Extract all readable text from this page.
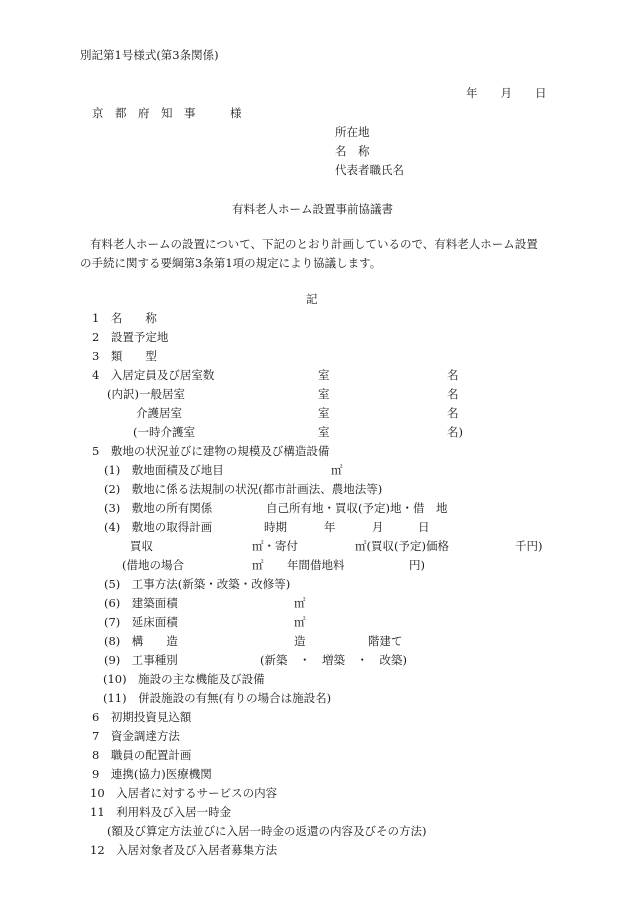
別記第1号様式(第3条関係)
年　　月　　日
京　都　府　知　事　　　様
所在地
名　称
代表者職氏名
有料老人ホーム設置事前協議書
有料老人ホームの設置について、下記のとおり計画しているので、有料老人ホーム設置
の手続に関する要綱第3条第1項の規定により協議します。
記
1　名　　称
2　設置予定地
3　類　　型
4　入居定員及び居室数	室	名
(内訳)一般居室	室	名
介護居室	室	名
(一時介護室	室	名)
5　敷地の状況並びに建物の規模及び構造設備
(1)　敷地面積及び地目	㎡
(2)　敷地に係る法規制の状況(都市計画法、農地法等)
(3)　敷地の所有関係	自己所有地・買収(予定)地・借　地
(4)　敷地の取得計画	時期	年	月	日
買収	㎡・寄付	㎡(買収(予定)価格	千円)
(借地の場合	㎡ 年間借地料	円)
(5)　工事方法(新築・改築・改修等)
(6)　建築面積	㎡
(7)　延床面積	㎡
(8)　構　　造	造	階建て
(9)　工事種別	(新築　・　増築　・　改築)
(10)　施設の主な機能及び設備
(11)　併設施設の有無(有りの場合は施設名)
6　初期投資見込額
7　資金調達方法
8　職員の配置計画
9　連携(協力)医療機関
10　入居者に対するサービスの内容
11　利用料及び入居一時金
(額及び算定方法並びに入居一時金の返還の内容及びその方法)
12　入居対象者及び入居者募集方法
